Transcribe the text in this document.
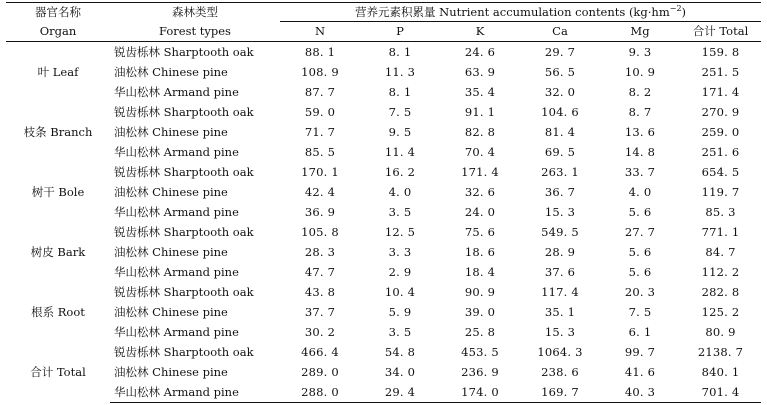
器官名称	森林类型	营养元素积累量 Nutrient accumulation contents $(kg\cdot hm^{-2})$					
Organ	Forest types	N	P	K	Ca	Mg	合计 Total
叶 Leaf	锐齿栎林 Sharptooth oak	88. 1	8. 1	24. 6	29. 7	9. 3	159. 8
	油松林 Chinese pine	108. 9	11. 3	63. 9	56. 5	10. 9	251. 5
	华山松林 Armand pine	87. 7	8. 1	35. 4	32. 0	8. 2	171. 4
枝条 Branch	锐齿栎林 Sharptooth oak	59. 0	7. 5	91. 1	104. 6	8. 7	270. 9
	油松林 Chinese pine	71. 7	9. 5	82. 8	81. 4	13. 6	259. 0
	华山松林 Armand pine	85. 5	11. 4	70. 4	69. 5	14. 8	251. 6
树干 Bole	锐齿栎林 Sharptooth oak	170. 1	16. 2	171. 4	263. 1	33. 7	654. 5
	油松林 Chinese pine	42. 4	4. 0	32. 6	36. 7	4. 0	119. 7
	华山松林 Armand pine	36. 9	3. 5	24. 0	15. 3	5. 6	85. 3
树皮 Bark	锐齿栎林 Sharptooth oak	105. 8	12. 5	75. 6	549. 5	27. 7	771. 1
	油松林 Chinese pine	28. 3	3. 3	18. 6	28. 9	5. 6	84. 7
	华山松林 Armand pine	47. 7	2. 9	18. 4	37. 6	5. 6	112. 2
根系 Root	锐齿栎林 Sharptooth oak	43. 8	10. 4	90. 9	117. 4	20. 3	282. 8
	油松林 Chinese pine	37. 7	5. 9	39. 0	35. 1	7. 5	125. 2
	华山松林 Armand pine	30. 2	3. 5	25. 8	15. 3	6. 1	80. 9
合计 Total	锐齿栎林 Sharptooth oak	466. 4	54. 8	453. 5	1064. 3	99. 7	2138. 7
	油松林 Chinese pine	289. 0	34. 0	236. 9	238. 6	41. 6	840. 1
	华山松林 Armand pine	288. 0	29. 4	174. 0	169. 7	40. 3	701. 4
